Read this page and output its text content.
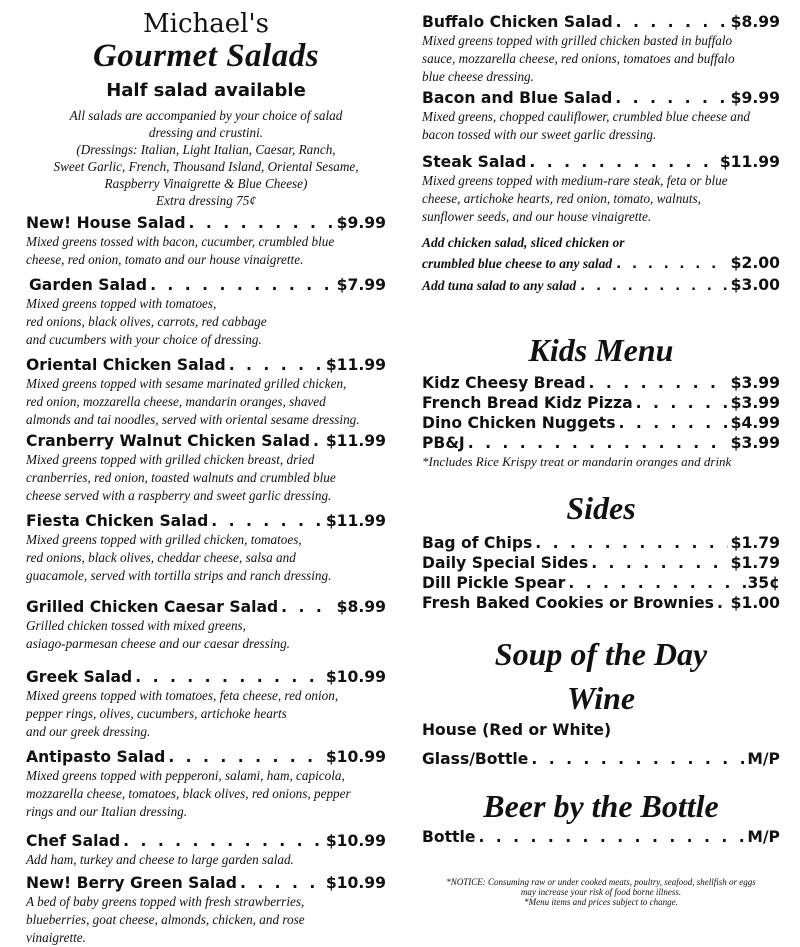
Michael's
Gourmet Salads
Half salad available
All salads are accompanied by your choice of salad
dressing and crustini.
(Dressings: Italian, Light Italian, Caesar, Ranch,
Sweet Garlic, French, Thousand Island, Oriental Sesame,
Raspberry Vinaigrette & Blue Cheese)
Extra dressing 75¢
New! House Salad . . .	$9.99
Mixed greens tossed with bacon, cucumber, crumbled blue
cheese, red onion, tomato and our house vinaigrette.
Garden Salad . . .	$7.99
Mixed greens topped with tomatoes,
red onions, black olives, carrots, red cabbage
and cucumbers with your choice of dressing.
Oriental Chicken Salad . . .	$11.99
Mixed greens topped with sesame marinated grilled chicken,
red onion, mozzarella cheese, mandarin oranges, shaved
almonds and tai noodles, served with oriental sesame dressing.
Cranberry Walnut Chicken Salad . . . $11.99
Mixed greens topped with grilled chicken breast, dried
cranberries, red onion, toasted walnuts and crumbled blue
cheese served with a raspberry and sweet garlic dressing.
Fiesta Chicken Salad . . .	$11.99
Mixed greens topped with grilled chicken, tomatoes,
red onions, black olives, cheddar cheese, salsa and
guacamole, served with tortilla strips and ranch dressing.
Grilled Chicken Caesar Salad . . .	$8.99
Grilled chicken tossed with mixed greens,
asiago-parmesan cheese and our caesar dressing.
Greek Salad . . .	$10.99
Mixed greens topped with tomatoes, feta cheese, red onion,
pepper rings, olives, cucumbers, artichoke hearts
and our greek dressing.
Antipasto Salad . . .	$10.99
Mixed greens topped with pepperoni, salami, ham, capicola,
mozzarella cheese, tomatoes, black olives, red onions, pepper
rings and our Italian dressing.
Chef Salad . . .	$10.99
Add ham, turkey and cheese to large garden salad.
New! Berry Green Salad . . .	$10.99
A bed of baby greens topped with fresh strawberries,
blueberries, goat cheese, almonds, chicken, and rose
vinaigrette.
Buffalo Chicken Salad . . .	$8.99
Mixed greens topped with grilled chicken basted in buffalo
sauce, mozzarella cheese, red onions, tomatoes and buffalo
blue cheese dressing.
Bacon and Blue Salad . . .	$9.99
Mixed greens, chopped cauliflower, crumbled blue cheese and
bacon tossed with our sweet garlic dressing.
Steak Salad . . .	$11.99
Mixed greens topped with medium-rare steak, feta or blue
cheese, artichoke hearts, red onion, tomato, walnuts,
sunflower seeds, and our house vinaigrette.
Add chicken salad, sliced chicken or
crumbled blue cheese to any salad . . .	$2.00
Add tuna salad to any salad . . .	$3.00
Kids Menu
Kidz Cheesy Bread . . .	$3.99
French Bread Kidz Pizza . . .	$3.99
Dino Chicken Nuggets . . .	$4.99
PB&J . . .	$3.99
*Includes Rice Krispy treat or mandarin oranges and drink
Sides
Bag of Chips . . .	$1.79
Daily Special Sides . . .	$1.79
Dill Pickle Spear . . .	.35¢
Fresh Baked Cookies or Brownies . . . $1.00
Soup of the Day
Wine
House (Red or White)
Glass/Bottle . . .	M/P
Beer by the Bottle
Bottle . . .	M/P
*NOTICE: Consuming raw or under cooked meats, poultry, seafood, shellfish or eggs
may increase your risk of food borne illness.
*Menu items and prices subject to change.
